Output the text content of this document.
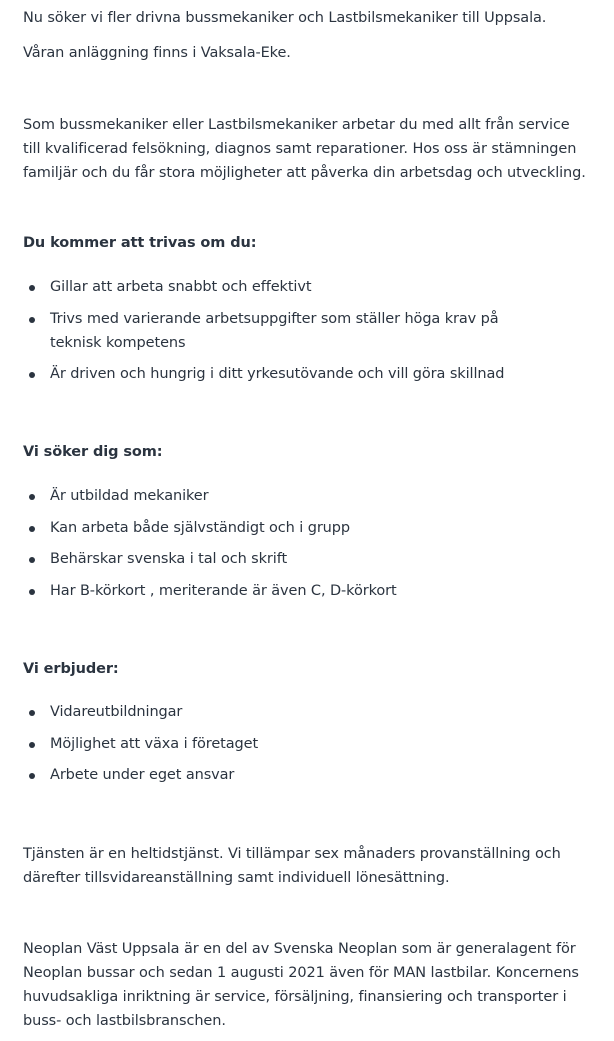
Nu söker vi fler drivna bussmekaniker och Lastbilsmekaniker till Uppsala.

Våran anläggning finns i Vaksala-Eke.

Som bussmekaniker eller Lastbilsmekaniker arbetar du med allt från service till kvalificerad felsökning, diagnos samt reparationer. Hos oss är stämningen familjär och du får stora möjligheter att påverka din arbetsdag och utveckling.

Du kommer att trivas om du:

Gillar att arbeta snabbt och effektivt
Trivs med varierande arbetsuppgifter som ställer höga krav på teknisk kompetens
Är driven och hungrig i ditt yrkesutövande och vill göra skillnad

Vi söker dig som:

Är utbildad mekaniker
Kan arbeta både självständigt och i grupp
Behärskar svenska i tal och skrift
Har B-körkort , meriterande är även C, D-körkort

Vi erbjuder:

Vidareutbildningar
Möjlighet att växa i företaget
Arbete under eget ansvar

Tjänsten är en heltidstjänst. Vi tillämpar sex månaders provanställning och därefter tillsvidareanställning samt individuell lönesättning.

Neoplan Väst Uppsala är en del av Svenska Neoplan som är generalagent för Neoplan bussar och sedan 1 augusti 2021 även för MAN lastbilar. Koncernens huvudsakliga inriktning är service, försäljning, finansiering och transporter i buss- och lastbilsbranschen.
